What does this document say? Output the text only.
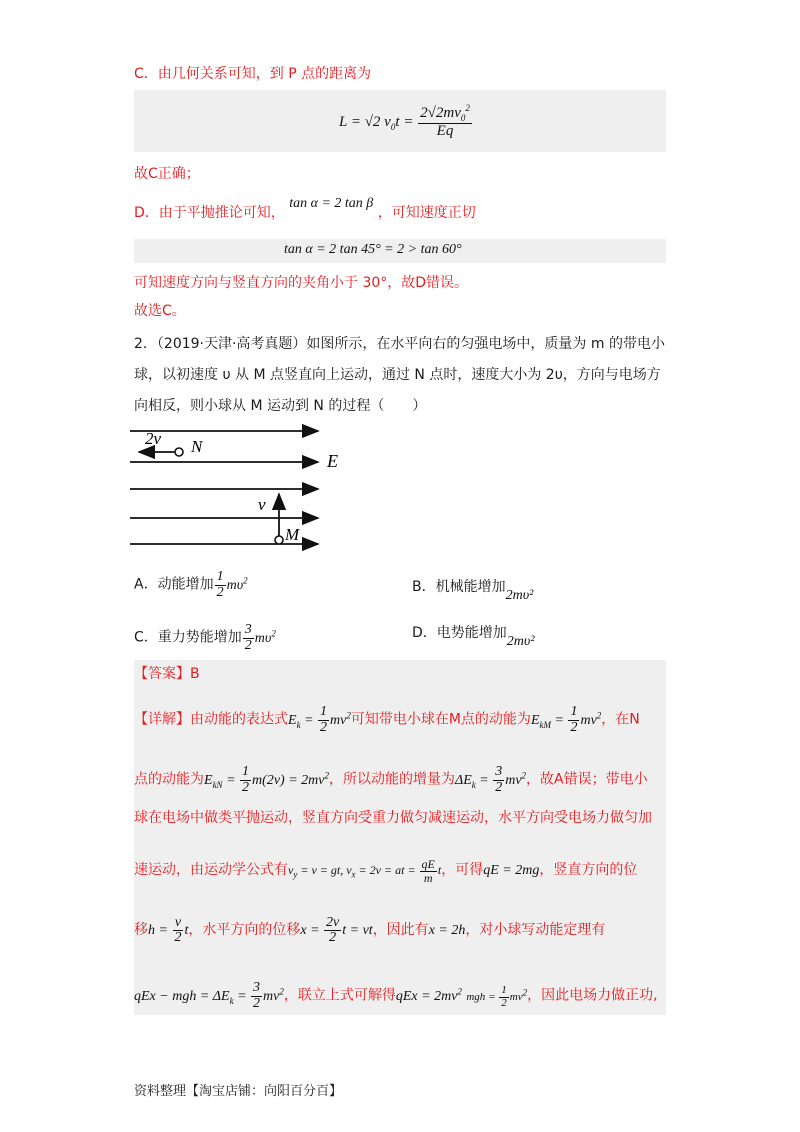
C．由几何关系可知，到 P 点的距离为
L = √2 $v_0t = \frac{2√2mv_0^2}{Eq}$
故C正确；
D．由于平抛推论可知， tan α = 2 tan β ，可知速度正切
tan α = 2 tan 45° = 2 > tan 60°
可知速度方向与竖直方向的夹角小于 30°，故D错误。
故选C。
2．（2019·天津·高考真题）如图所示，在水平向右的匀强电场中，质量为 m 的带电小
球，以初速度 υ 从 M 点竖直向上运动，通过 N 点时，速度大小为 2υ，方向与电场方
向相反，则小球从 M 运动到 N 的过程（　　）
2v N
E
v
M
A．动能增加 $\frac{1}{2} m\upsilon^2$	B．机械能增加2mυ²
C．重力势能增加 $\frac{3}{2} m\upsilon^2$	D．电势能增加2mυ²
【答案】B
【详解】由动能的表达式$E_k = \frac{1}{2} mv^2$可知带电小球在M点的动能为$E_{kM} = \frac{1}{2} mv^2$，在N
点的动能为$E_{kN} = \frac{1}{2} m(2v) = 2mv^2$，所以动能的增量为$\Delta E_k = \frac{3}{2} mv^2$，故A错误；带电小
球在电场中做类平抛运动，竖直方向受重力做匀减速运动，水平方向受电场力做匀加
速运动，由运动学公式有$v_y = v$ = gt, $v_x = 2v$ = at = $\frac{qE}{m}$ t，可得qE = 2mg，竖直方向的位
移$h = \frac{v}{2}$ t，水平方向的位移$x = \frac{2v}{2}$ t = vt，因此有x = 2h，对小球写动能定理有
qEx − mgh = $\Delta E_k = \frac{3}{2} mv^2$，联立上式可解得qEx = $2mv^2$ mgh = $\frac{1}{2} mv^2$，因此电场力做正功,
资料整理【淘宝店铺：向阳百分百】
